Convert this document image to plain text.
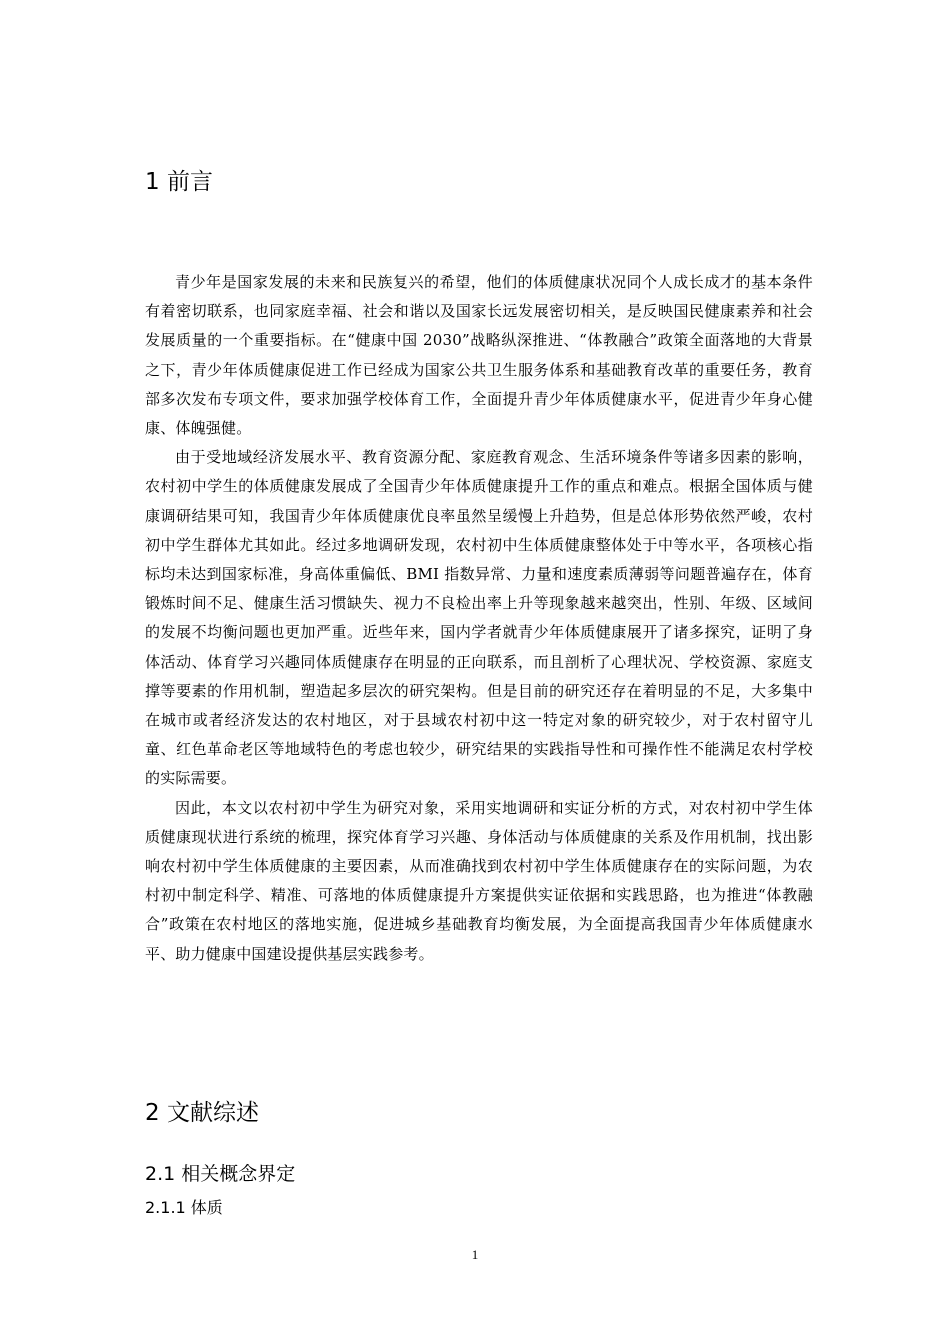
1 前言

青少年是国家发展的未来和民族复兴的希望，他们的体质健康状况同个人成长成才的基本条件有着密切联系，也同家庭幸福、社会和谐以及国家长远发展密切相关，是反映国民健康素养和社会发展质量的一个重要指标。在“健康中国 2030”战略纵深推进、“体教融合”政策全面落地的大背景之下，青少年体质健康促进工作已经成为国家公共卫生服务体系和基础教育改革的重要任务，教育部多次发布专项文件，要求加强学校体育工作，全面提升青少年体质健康水平，促进青少年身心健康、体魄强健。

由于受地域经济发展水平、教育资源分配、家庭教育观念、生活环境条件等诸多因素的影响，农村初中学生的体质健康发展成了全国青少年体质健康提升工作的重点和难点。根据全国体质与健康调研结果可知，我国青少年体质健康优良率虽然呈缓慢上升趋势，但是总体形势依然严峻，农村初中学生群体尤其如此。经过多地调研发现，农村初中生体质健康整体处于中等水平，各项核心指标均未达到国家标准，身高体重偏低、BMI 指数异常、力量和速度素质薄弱等问题普遍存在，体育锻炼时间不足、健康生活习惯缺失、视力不良检出率上升等现象越来越突出，性别、年级、区域间的发展不均衡问题也更加严重。近些年来，国内学者就青少年体质健康展开了诸多探究，证明了身体活动、体育学习兴趣同体质健康存在明显的正向联系，而且剖析了心理状况、学校资源、家庭支撑等要素的作用机制，塑造起多层次的研究架构。但是目前的研究还存在着明显的不足，大多集中在城市或者经济发达的农村地区，对于县域农村初中这一特定对象的研究较少，对于农村留守儿童、红色革命老区等地域特色的考虑也较少，研究结果的实践指导性和可操作性不能满足农村学校的实际需要。

因此，本文以农村初中学生为研究对象，采用实地调研和实证分析的方式，对农村初中学生体质健康现状进行系统的梳理，探究体育学习兴趣、身体活动与体质健康的关系及作用机制，找出影响农村初中学生体质健康的主要因素，从而准确找到农村初中学生体质健康存在的实际问题，为农村初中制定科学、精准、可落地的体质健康提升方案提供实证依据和实践思路，也为推进“体教融合”政策在农村地区的落地实施，促进城乡基础教育均衡发展，为全面提高我国青少年体质健康水平、助力健康中国建设提供基层实践参考。

2 文献综述
2.1 相关概念界定
2.1.1 体质
1
